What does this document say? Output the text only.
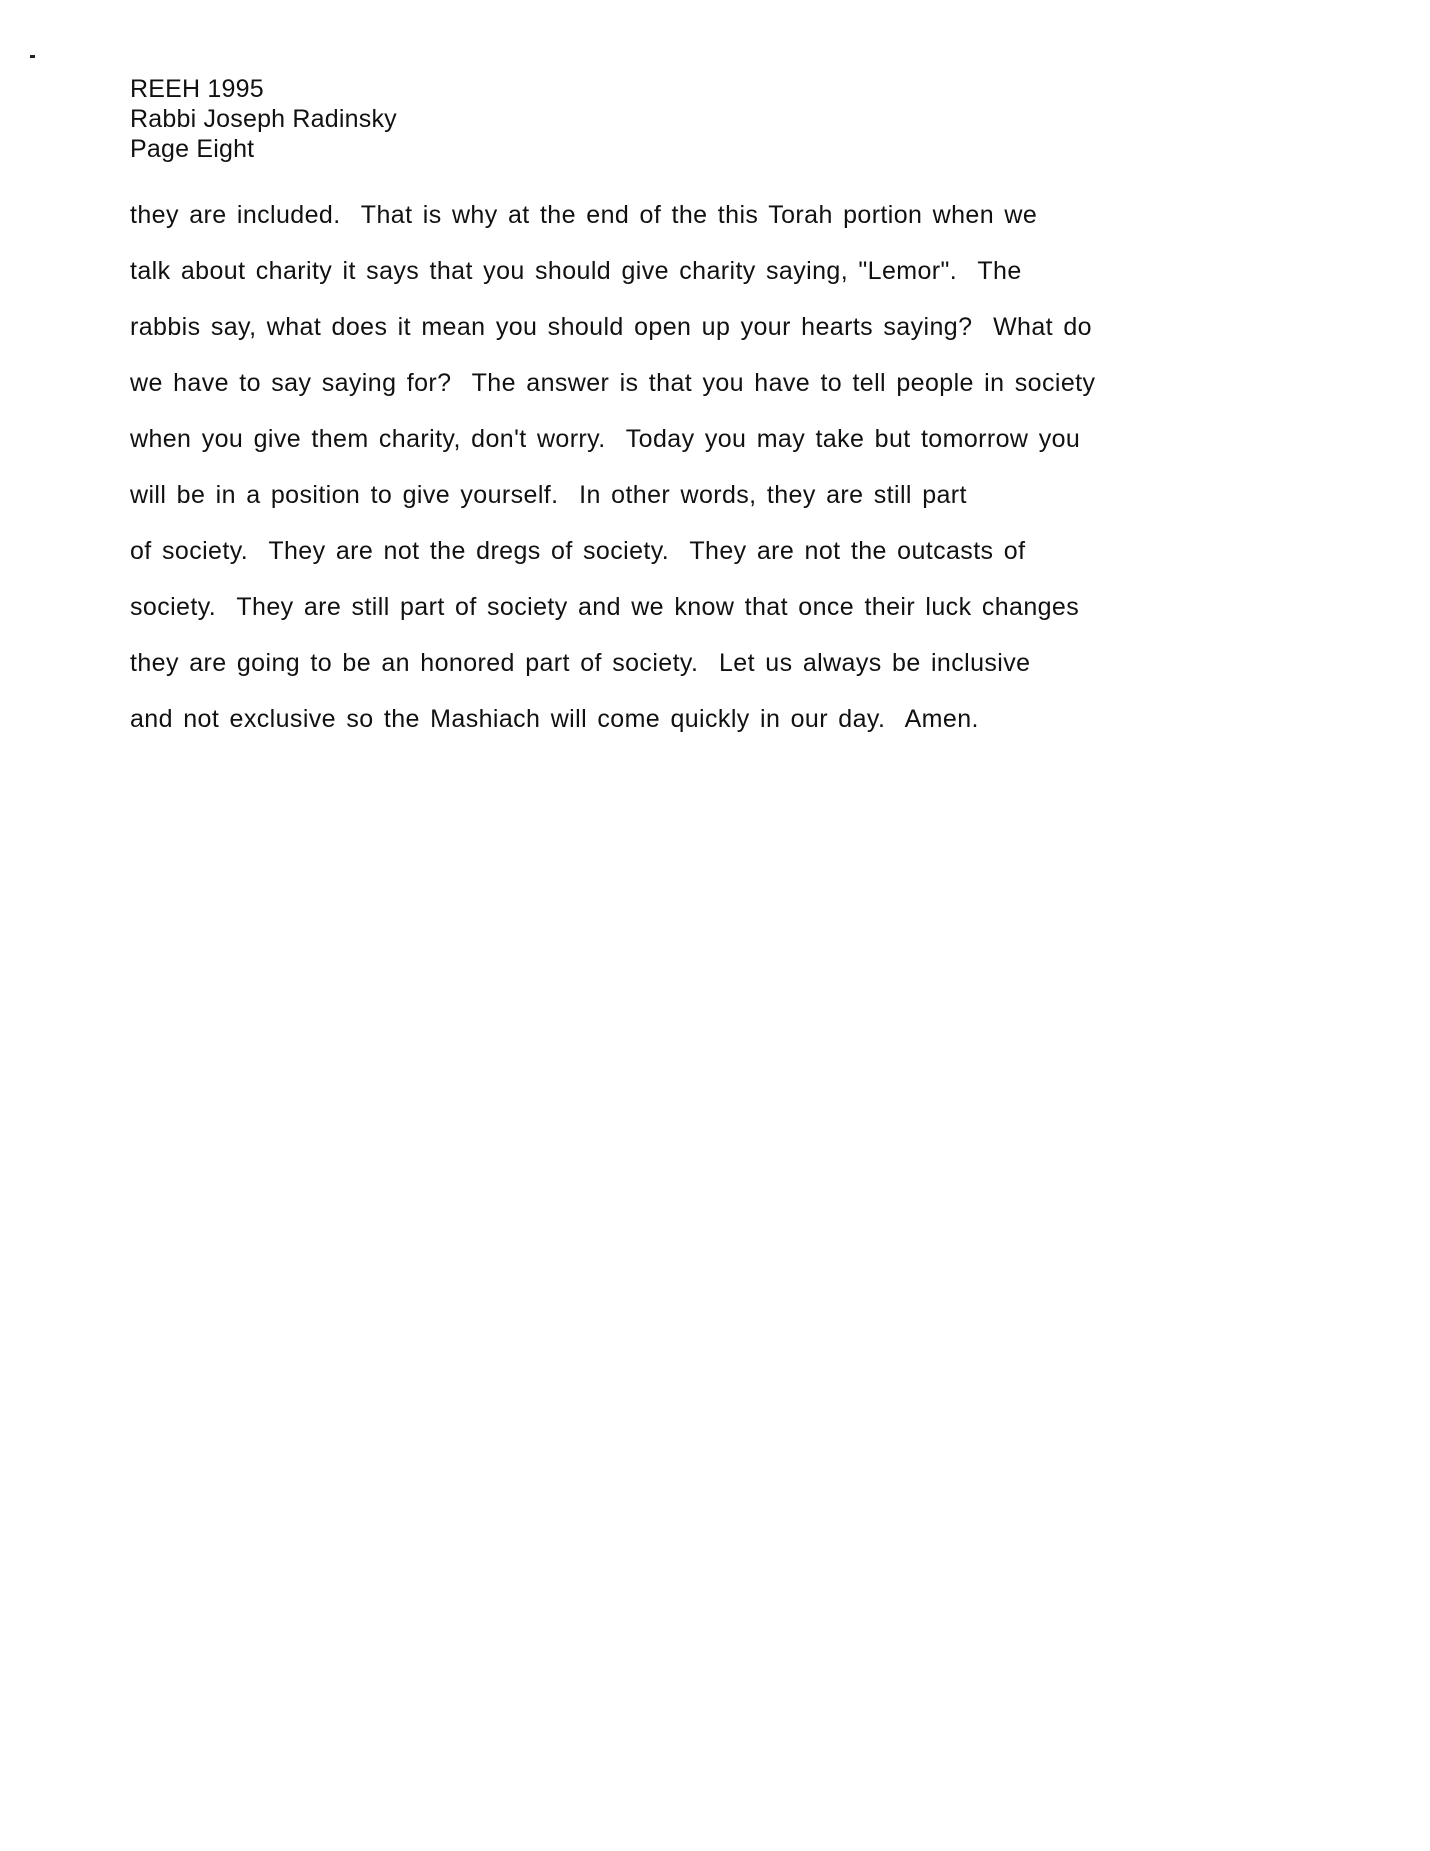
REEH 1995
Rabbi Joseph Radinsky
Page Eight
they are included.  That is why at the end of the this Torah portion when we
talk about charity it says that you should give charity saying, "Lemor".  The
rabbis say, what does it mean you should open up your hearts saying?  What do
we have to say saying for?  The answer is that you have to tell people in society
when you give them charity, don't worry.  Today you may take but tomorrow you
will be in a position to give yourself.  In other words, they are still part
of society.  They are not the dregs of society.  They are not the outcasts of
society.  They are still part of society and we know that once their luck changes
they are going to be an honored part of society.  Let us always be inclusive
and not exclusive so the Mashiach will come quickly in our day.  Amen.
